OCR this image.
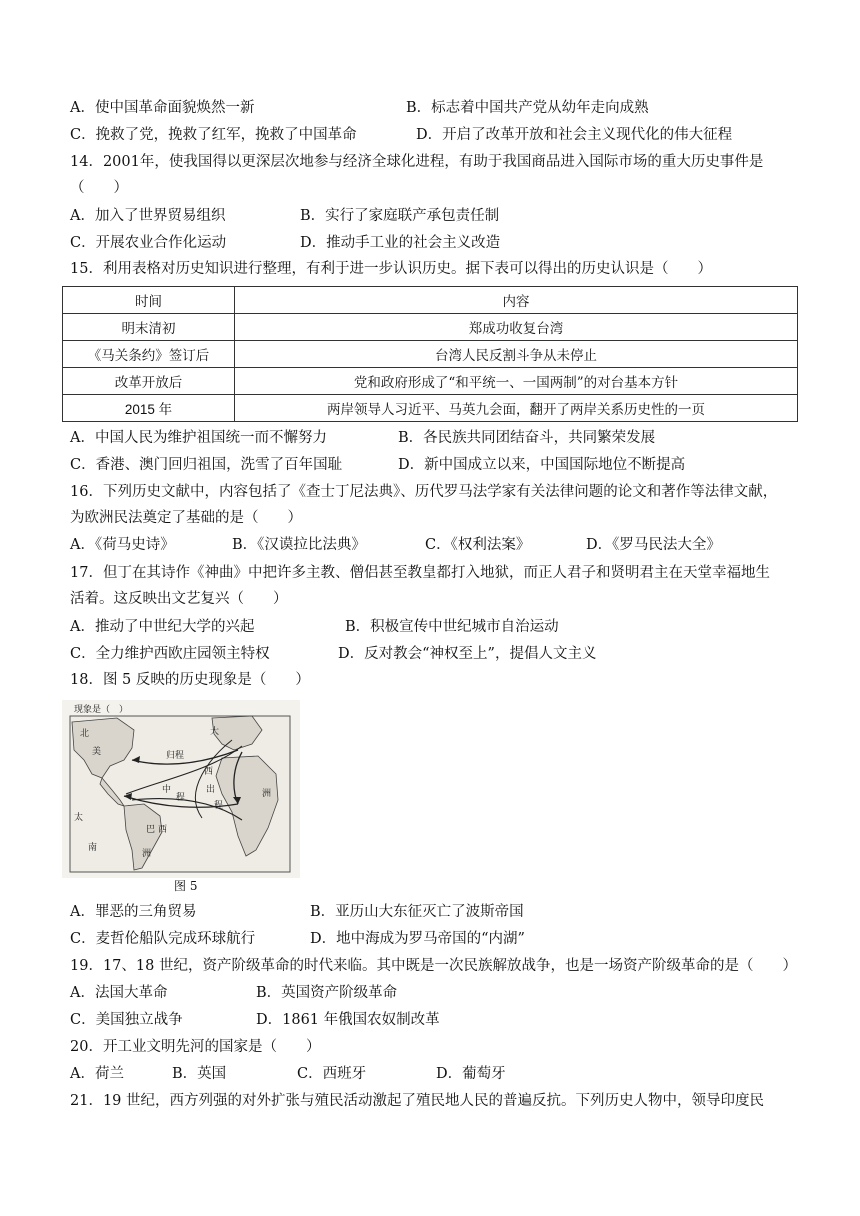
A．使中国革命面貌焕然一新	B．标志着中国共产党从幼年走向成熟
C．挽救了党，挽救了红军，挽救了中国革命	D．开启了改革开放和社会主义现代化的伟大征程
14．2001年，使我国得以更深层次地参与经济全球化进程，有助于我国商品进入国际市场的重大历史事件是
（　　）
A．加入了世界贸易组织	B．实行了家庭联产承包责任制
C．开展农业合作化运动	D．推动手工业的社会主义改造
15．利用表格对历史知识进行整理，有利于进一步认识历史。据下表可以得出的历史认识是（　　）
时间	内容
明末清初	郑成功收复台湾
《马关条约》签订后	台湾人民反割斗争从未停止
改革开放后	党和政府形成了“和平统一、一国两制”的对台基本方针
2015 年	两岸领导人习近平、马英九会面，翻开了两岸关系历史性的一页
A．中国人民为维护祖国统一而不懈努力	B．各民族共同团结奋斗，共同繁荣发展
C．香港、澳门回归祖国，洗雪了百年国耻	D．新中国成立以来，中国国际地位不断提高
16．下列历史文献中，内容包括了《查士丁尼法典》、历代罗马法学家有关法律问题的论文和著作等法律文献，
为欧洲民法奠定了基础的是（　　）
A．《荷马史诗》	B．《汉谟拉比法典》	C．《权利法案》	D．《罗马民法大全》
17．但丁在其诗作《神曲》中把许多主教、僧侣甚至教皇都打入地狱，而正人君子和贤明君主在天堂幸福地生
活着。这反映出文艺复兴（　　）
A．推动了中世纪大学的兴起	B．积极宣传中世纪城市自治运动
C．全力维护西欧庄园领主特权	D．反对教会“神权至上”，提倡人文主义
18．图 5 反映的历史现象是（　　）
现象是（　）
北	大
美	归程
中
程
西
出
程
太
洲
巴 西
南
洲
图 5
A．罪恶的三角贸易	B．亚历山大东征灭亡了波斯帝国
C．麦哲伦船队完成环球航行	D．地中海成为罗马帝国的“内湖”
19．17、18 世纪，资产阶级革命的时代来临。其中既是一次民族解放战争，也是一场资产阶级革命的是（　　）
A．法国大革命	B．英国资产阶级革命
C．美国独立战争	D．1861 年俄国农奴制改革
20．开工业文明先河的国家是（　　）
A．荷兰	B．英国	C．西班牙	D．葡萄牙
21．19 世纪，西方列强的对外扩张与殖民活动激起了殖民地人民的普遍反抗。下列历史人物中，领导印度民
